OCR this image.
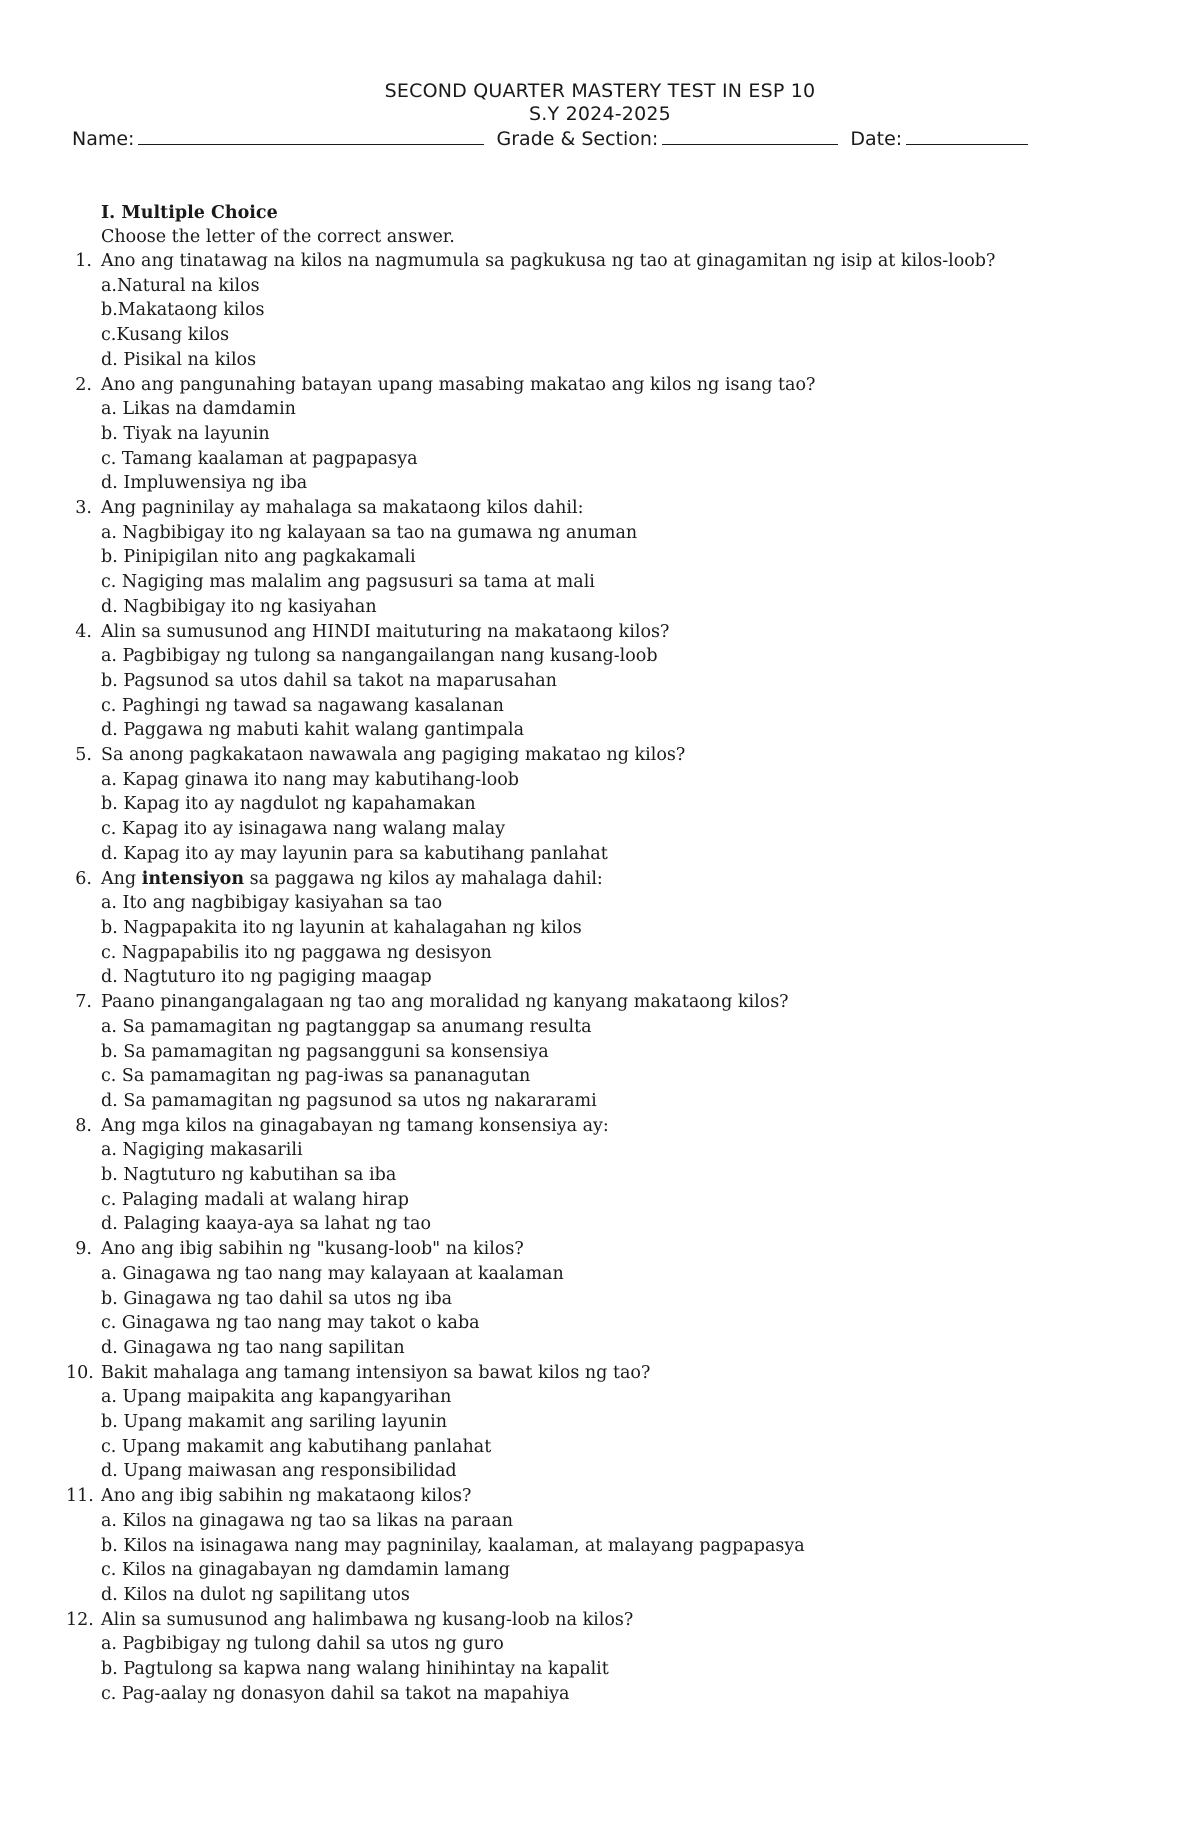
SECOND QUARTER MASTERY TEST IN ESP 10
S.Y 2024-2025
Name:	Grade & Section:	Date:
I. Multiple Choice
Choose the letter of the correct answer.
1. Ano ang tinatawag na kilos na nagmumula sa pagkukusa ng tao at ginagamitan ng isip at kilos-loob?
a.Natural na kilos
b.Makataong kilos
c.Kusang kilos
d. Pisikal na kilos
2. Ano ang pangunahing batayan upang masabing makatao ang kilos ng isang tao?
a. Likas na damdamin
b. Tiyak na layunin
c. Tamang kaalaman at pagpapasya
d. Impluwensiya ng iba
3. Ang pagninilay ay mahalaga sa makataong kilos dahil:
a. Nagbibigay ito ng kalayaan sa tao na gumawa ng anuman
b. Pinipigilan nito ang pagkakamali
c. Nagiging mas malalim ang pagsusuri sa tama at mali
d. Nagbibigay ito ng kasiyahan
4. Alin sa sumusunod ang HINDI maituturing na makataong kilos?
a. Pagbibigay ng tulong sa nangangailangan nang kusang-loob
b. Pagsunod sa utos dahil sa takot na maparusahan
c. Paghingi ng tawad sa nagawang kasalanan
d. Paggawa ng mabuti kahit walang gantimpala
5. Sa anong pagkakataon nawawala ang pagiging makatao ng kilos?
a. Kapag ginawa ito nang may kabutihang-loob
b. Kapag ito ay nagdulot ng kapahamakan
c. Kapag ito ay isinagawa nang walang malay
d. Kapag ito ay may layunin para sa kabutihang panlahat
6. Ang intensiyon sa paggawa ng kilos ay mahalaga dahil:
a. Ito ang nagbibigay kasiyahan sa tao
b. Nagpapakita ito ng layunin at kahalagahan ng kilos
c. Nagpapabilis ito ng paggawa ng desisyon
d. Nagtuturo ito ng pagiging maagap
7. Paano pinangangalagaan ng tao ang moralidad ng kanyang makataong kilos?
a. Sa pamamagitan ng pagtanggap sa anumang resulta
b. Sa pamamagitan ng pagsangguni sa konsensiya
c. Sa pamamagitan ng pag-iwas sa pananagutan
d. Sa pamamagitan ng pagsunod sa utos ng nakararami
8. Ang mga kilos na ginagabayan ng tamang konsensiya ay:
a. Nagiging makasarili
b. Nagtuturo ng kabutihan sa iba
c. Palaging madali at walang hirap
d. Palaging kaaya-aya sa lahat ng tao
9. Ano ang ibig sabihin ng "kusang-loob" na kilos?
a. Ginagawa ng tao nang may kalayaan at kaalaman
b. Ginagawa ng tao dahil sa utos ng iba
c. Ginagawa ng tao nang may takot o kaba
d. Ginagawa ng tao nang sapilitan
10. Bakit mahalaga ang tamang intensiyon sa bawat kilos ng tao?
a. Upang maipakita ang kapangyarihan
b. Upang makamit ang sariling layunin
c. Upang makamit ang kabutihang panlahat
d. Upang maiwasan ang responsibilidad
11. Ano ang ibig sabihin ng makataong kilos?
a. Kilos na ginagawa ng tao sa likas na paraan
b. Kilos na isinagawa nang may pagninilay, kaalaman, at malayang pagpapasya
c. Kilos na ginagabayan ng damdamin lamang
d. Kilos na dulot ng sapilitang utos
12. Alin sa sumusunod ang halimbawa ng kusang-loob na kilos?
a. Pagbibigay ng tulong dahil sa utos ng guro
b. Pagtulong sa kapwa nang walang hinihintay na kapalit
c. Pag-aalay ng donasyon dahil sa takot na mapahiya
